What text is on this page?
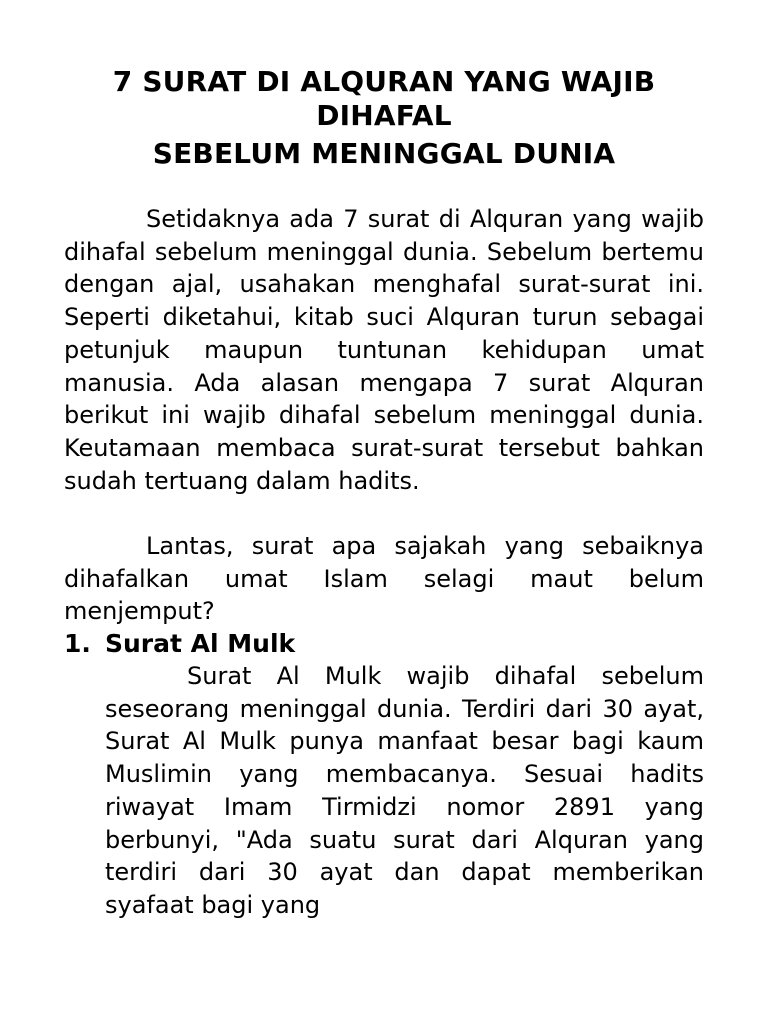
7 SURAT DI ALQURAN YANG WAJIB
DIHAFAL
SEBELUM MENINGGAL DUNIA

Setidaknya ada 7 surat di Alquran yang wajib dihafal sebelum meninggal dunia. Sebelum bertemu dengan ajal, usahakan menghafal surat-surat ini. Seperti diketahui, kitab suci Alquran turun sebagai petunjuk maupun tuntunan kehidupan umat manusia. Ada alasan mengapa 7 surat Alquran berikut ini wajib dihafal sebelum meninggal dunia. Keutamaan membaca surat-surat tersebut bahkan sudah tertuang dalam hadits.

Lantas, surat apa sajakah yang sebaiknya dihafalkan umat Islam selagi maut belum menjemput?

1. Surat Al Mulk

Surat Al Mulk wajib dihafal sebelum seseorang meninggal dunia. Terdiri dari 30 ayat, Surat Al Mulk punya manfaat besar bagi kaum Muslimin yang membacanya. Sesuai hadits riwayat Imam Tirmidzi nomor 2891 yang berbunyi, "Ada suatu surat dari Alquran yang terdiri dari 30 ayat dan dapat memberikan syafaat bagi yang
